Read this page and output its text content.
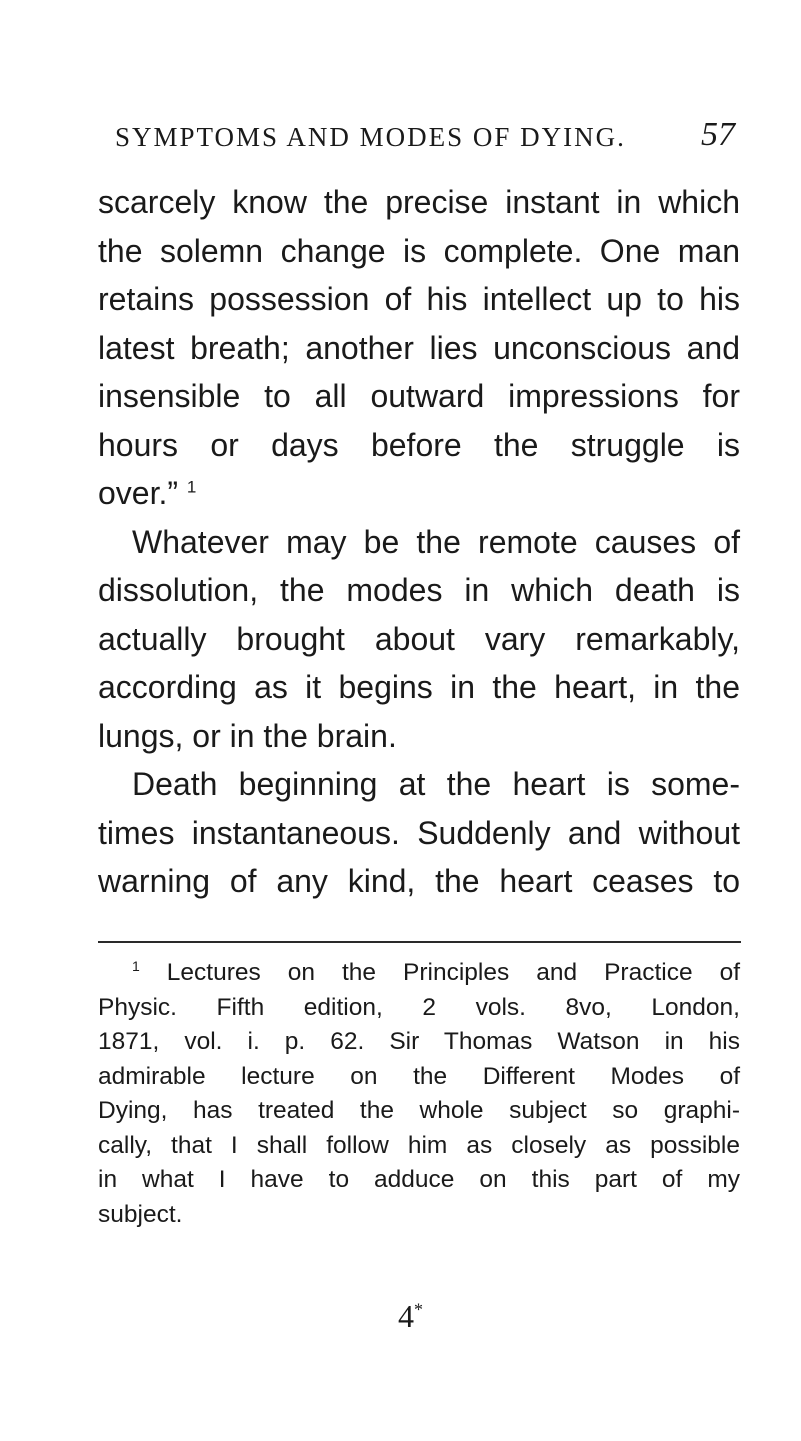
SYMPTOMS AND MODES OF DYING. 57
scarcely know the precise instant in which
the solemn change is complete. One man
retains possession of his intellect up to his
latest breath; another lies unconscious and
insensible to all outward impressions for
hours or days before the struggle is
over.” $^1$
Whatever may be the remote causes of
dissolution, the modes in which death is
actually brought about vary remarkably,
according as it begins in the heart, in the
lungs, or in the brain.
Death beginning at the heart is some-
times instantaneous. Suddenly and without
warning of any kind, the heart ceases to
$^1$ Lectures on the Principles and Practice of
Physic. Fifth edition, 2 vols. 8vo, London,
1871, vol. i. p. 62. Sir Thomas Watson in his
admirable lecture on the Different Modes of
Dying, has treated the whole subject so graphi-
cally, that I shall follow him as closely as possible
in what I have to adduce on this part of my
subject.
4*
